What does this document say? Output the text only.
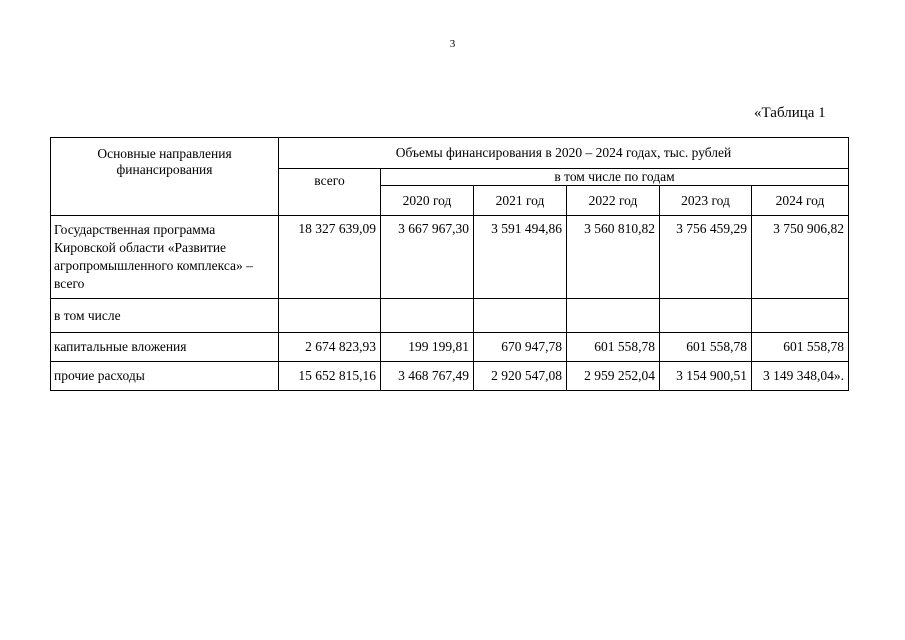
3
«Таблица 1
Основные направления финансирования	Объемы финансирования в 2020 – 2024 годах, тыс. рублей					
	всего	в том числе по годам				
		2020 год	2021 год	2022 год	2023 год	2024 год
Государственная программа Кировской области «Развитие агропромышленного комплекса» – всего	18 327 639,09	3 667 967,30	3 591 494,86	3 560 810,82	3 756 459,29	3 750 906,82
в том числе						
капитальные вложения	2 674 823,93	199 199,81	670 947,78	601 558,78	601 558,78	601 558,78
прочие расходы	15 652 815,16	3 468 767,49	2 920 547,08	2 959 252,04	3 154 900,51	3 149 348,04».
